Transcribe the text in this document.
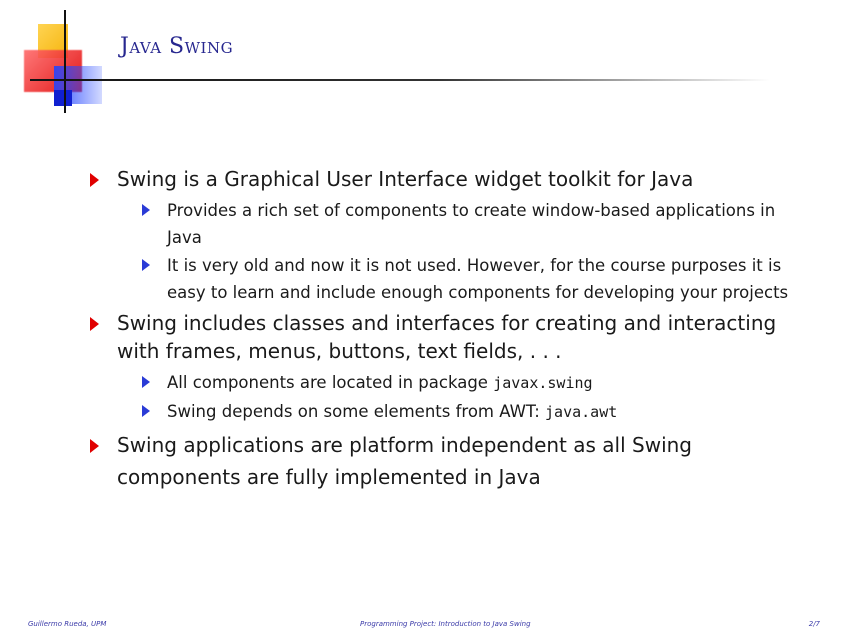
Java Swing
Swing is a Graphical User Interface widget toolkit for Java
Provides a rich set of components to create window-based applications in Java
It is very old and now it is not used. However, for the course purposes it is easy to learn and include enough components for developing your projects
Swing includes classes and interfaces for creating and interacting with frames, menus, buttons, text fields, . . .
All components are located in package javax.swing
Swing depends on some elements from AWT: java.awt
Swing applications are platform independent as all Swing components are fully implemented in Java
Guillermo Rueda, UPM	Programming Project: Introduction to Java Swing	2/7
